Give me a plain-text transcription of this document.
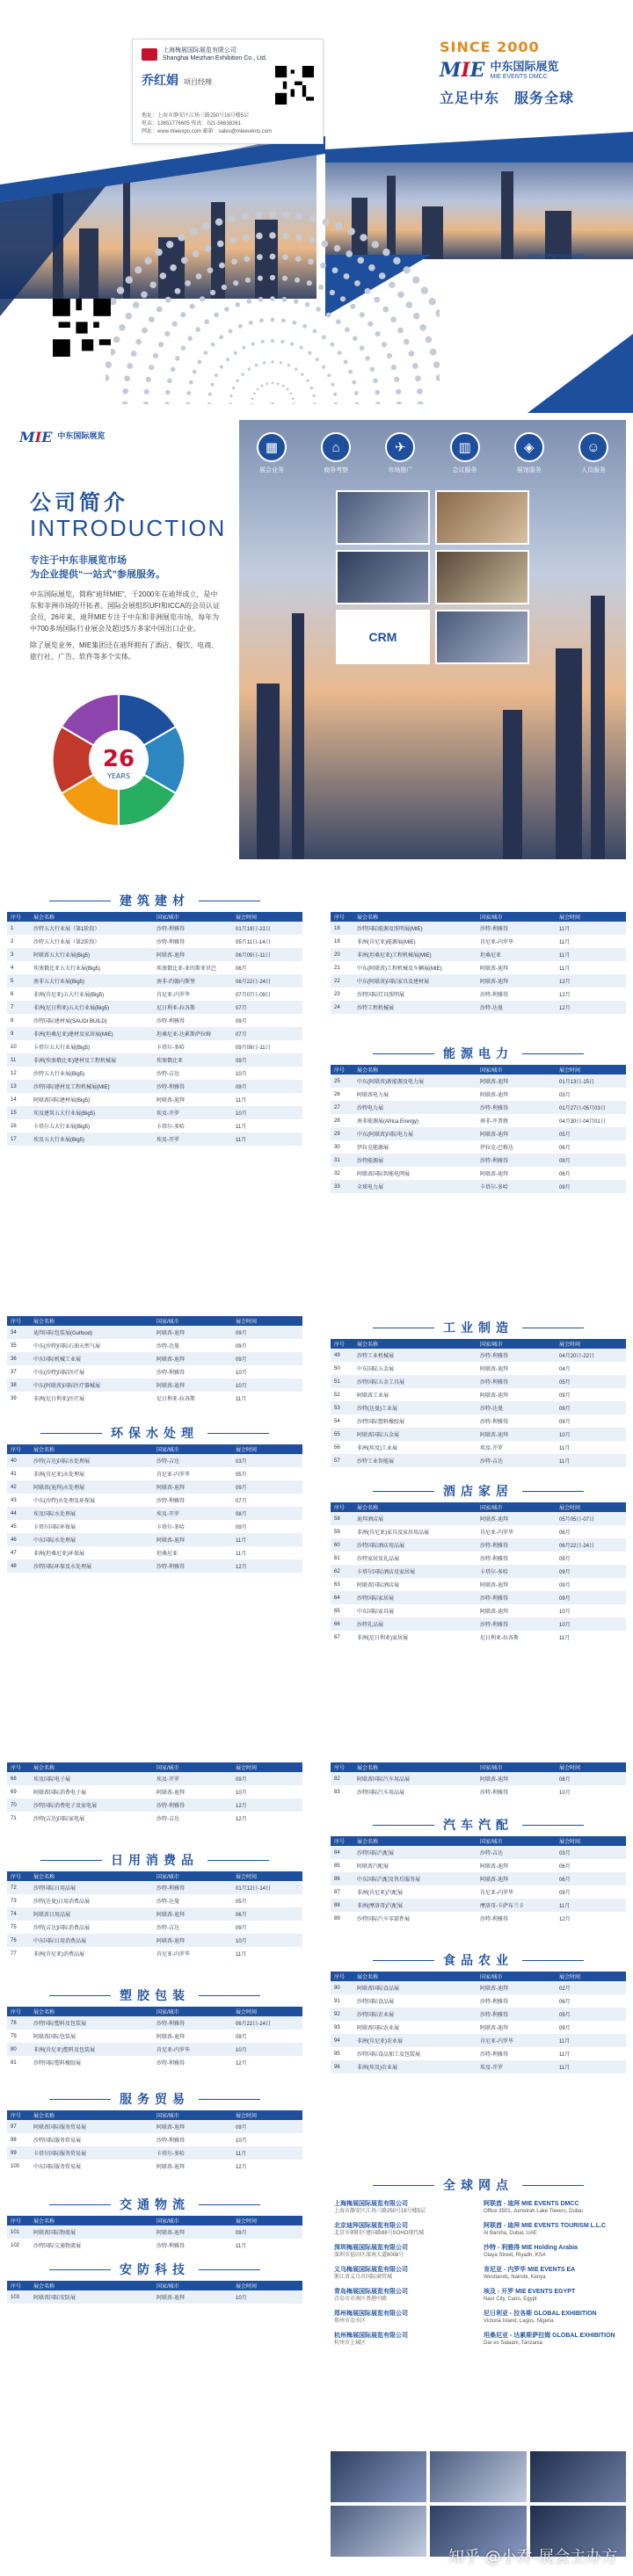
上海梅展国际展览有限公司
Shanghai Meizhan Exhibition Co., Ltd.
乔红娟 项目经理
地址：上海市静安区江场三路250号16号楼5层
电话：13651776605 传真：021-56638261
网址：www.mieexpo.com 邮箱：sales@mieevents.com
SINCE 2000
MIE 中东国际展览
MIE EVENTS DMCC
立足中东　服务全球
EVENTS CALENDAR
www.miegroups.com
MIE 中东国际展览
公司简介
INTRODUCTION
专注于中东非展览市场
为企业提供“一站式”参展服务。

中东国际展览，简称“迪拜MIE”，于2000年在迪拜成立，是中东和非洲市场的开拓者。国际会展组织UFI和ICCA的会员认证会员，26年来，迪拜MIE专注于中东和非洲展览市场，每年为中700多场国际行业展会及超过5万多家中国出口企业。

除了展览业务，MIE集团还在迪拜拥有了酒店、餐饮、电商、旅行社、广告、软件等多个实体。

26
YEARS
▦
展会业务
⌂
商务考察
✈
市场推广
▥
会议服务
◈
展馆服务
☺
人员服务
CRM
建筑建材
序号	展会名称	国家/城市	展会时间
1	沙特五大行业展（第1阶段）	沙特-利雅得	01月19日-21日
2	沙特五大行业展（第2阶段）	沙特-利雅得	05月11日-14日
3	阿联酋五大行业展(Big5)	阿联酋-迪拜	06月09日-11日
4	埃塞俄比亚五大行业展(Big5)	埃塞俄比亚-亚的斯亚贝巴	06月
5	南非五大行业展(Big5)	南非-约翰内斯堡	06月22日-24日
6	非洲(肯尼亚)五大行业展(Big5)	肯尼亚-内罗毕	07月07日-09日
7	非洲(尼日利亚)五大行业展(Big5)	尼日利亚-拉各斯	07月
8	沙特国际建材展(SAUDI BUILD)	沙特-利雅得	09月
9	非洲(坦桑尼亚)建材及家居展(MIE)	坦桑尼亚-达累斯萨拉姆	07月
10	卡塔尔五大行业展(Big5)	卡塔尔-多哈	09月09日-11日
11	非洲(埃塞俄比亚)建材及工程机械展	埃塞俄比亚	09月
12	沙特五大行业展(Big5)	沙特-吉达	10月
13	沙特国际建材及工程机械展(MIE)	沙特-利雅得	09月
14	阿联酋国际建材展(Big5)	阿联酋-迪拜	11月
15	埃及建筑五大行业展(Big5)	埃及-开罗	10月
16	卡塔尔五大行业展(Big5)	卡塔尔-多哈	11月
17	埃及五大行业展(Big5)	埃及-开罗	11月
序号	展会名称	国家/城市	展会时间
18	沙特国际能源及照明展(MIE)	沙特-利雅得	11月
19	非洲(肯尼亚)能源展(MIE)	肯尼亚-内罗毕	11月
20	非洲(坦桑尼亚)工程机械展(MIE)	坦桑尼亚	11月
21	中东(阿联酋)工程机械及车辆展(MIE)	阿联酋-迪拜	11月
22	中东(阿联酋)国际家具及建材展	阿联酋-迪拜	12月
23	沙特国际灯具照明展	沙特-利雅得	12月
24	沙特工程机械展	沙特-达曼	12月
能源电力
序号	展会名称	国家/城市	展会时间
25	中东(阿联酋)新能源及电力展	阿联酋-迪拜	01月13日-15日
26	阿联酋电力展	阿联酋-迪拜	03月
27	沙特电力展	沙特-利雅得	01月27日-05月03日
28	南非能源展(Africa Energy)	南非-开普敦	04月30日-04月01日
29	中东(阿联酋)国际电力展	阿联酋-迪拜	05月
30	伊拉克能源展	伊拉克-巴格达	06月
31	沙特能源展	沙特-利雅得	09月
32	阿联酋国际智能电网展	阿联酋-迪拜	06月
33	全球电力展	卡塔尔-多哈	09月
序号	展会名称	国家/城市	展会时间
34	迪拜国际包装展(Gulfood)	阿联酋-迪拜	09月
35	中东(沙特)国际石油天然气展	沙特-达曼	09月
36	中东国际机械工业展	阿联酋-迪拜	09月
37	中东(沙特)国际医疗展	沙特-利雅得	10月
38	中东(阿联酋)国际医疗器械展	阿联酋-迪拜	10月
39	非洲(尼日利亚)医疗展	尼日利亚-拉各斯	11月
环保水处理
序号	展会名称	国家/城市	展会时间
40	沙特(吉达)国际水处理展	沙特-吉达	03月
41	非洲(肯尼亚)水处理展	肯尼亚-内罗毕	05月
42	阿联酋(迪拜)水处理展	阿联酋-迪拜	09月
43	中东(沙特)水处理及环保展	沙特-利雅得	07月
44	埃及国际水处理展	埃及-开罗	08月
45	卡塔尔国际环保展	卡塔尔-多哈	09月
46	中东国际水处理展	阿联酋-迪拜	11月
47	非洲(坦桑尼亚)环保展	坦桑尼亚	11月
48	沙特国际环保及水处理展	沙特-利雅得	12月
工业制造
序号	展会名称	国家/城市	展会时间
49	沙特工业机械展	沙特-利雅得	04月20日-22日
50	中东国际五金展	阿联酋-迪拜	04月
51	沙特国际五金工具展	沙特-利雅得	05月
52	阿联酋工业展	阿联酋-迪拜	09月
53	沙特(达曼)工业展	沙特-达曼	09月
54	沙特国际塑料橡胶展	沙特-利雅得	09月
55	阿联酋国际五金展	阿联酋-迪拜	10月
56	非洲(埃及)工业展	埃及-开罗	11月
57	沙特工业智能展	沙特-吉达	11月
酒店家居
序号	展会名称	国家/城市	展会时间
58	迪拜酒店展	阿联酋-迪拜	05月05日-07日
59	非洲(肯尼亚)家具及家居用品展	肯尼亚-内罗毕	06月
60	沙特国际酒店用品展	沙特-利雅得	06月22日-24日
61	沙特家居及礼品展	沙特-利雅得	09月
62	卡塔尔国际酒店及家居展	卡塔尔-多哈	09月
63	阿联酋国际酒店展	阿联酋-迪拜	09月
64	沙特国际家居展	沙特-利雅得	09月
65	中东国际家具展	阿联酋-迪拜	10月
66	沙特礼品展	沙特-利雅得	10月
67	非洲(尼日利亚)家居展	尼日利亚-拉各斯	11月
序号	展会名称	国家/城市	展会时间
68	埃及国际电子展	埃及-开罗	09月
69	阿联酋国际消费电子展	阿联酋-迪拜	10月
70	沙特国际消费电子及家电展	沙特-利雅得	12月
71	沙特(吉达)国际家电展	沙特-吉达	12月
日用消费品
序号	展会名称	国家/城市	展会时间
72	沙特国际日用品展	沙特-利雅得	01月12日-14日
73	沙特(达曼)日用消费品展	沙特-达曼	05月
74	阿联酋日用品展	阿联酋-迪拜	06月
75	沙特(吉达)国际消费品展	沙特-吉达	09月
76	中东国际日用消费品展	阿联酋-迪拜	10月
77	非洲(肯尼亚)消费品展	肯尼亚-内罗毕	11月
塑胶包装
序号	展会名称	国家/城市	展会时间
78	沙特国际塑料及包装展	沙特-利雅得	06月22日-24日
79	阿联酋国际包装展	阿联酋-迪拜	09月
80	非洲(肯尼亚)塑料及包装展	肯尼亚-内罗毕	10月
81	沙特国际塑料橡胶展	沙特-利雅得	12月
序号	展会名称	国家/城市	展会时间
82	阿联酋国际汽车用品展	阿联酋-迪拜	08月
83	沙特国际汽车用品展	沙特-利雅得	10月
汽车汽配
序号	展会名称	国家/城市	展会时间
84	沙特国际汽配展	沙特-吉达	03月
85	阿联酋汽配展	阿联酋-迪拜	06月
86	中东国际汽配及售后服务展	阿联酋-迪拜	06月
87	非洲(肯尼亚)汽配展	肯尼亚-内罗毕	09月
88	非洲(摩洛哥)汽配展	摩洛哥-卡萨布兰卡	11月
89	沙特国际汽车零部件展	沙特-利雅得	12月
食品农业
序号	展会名称	国家/城市	展会时间
90	阿联酋国际食品展	阿联酋-迪拜	02月
91	沙特国际食品展	沙特-利雅得	06月
92	沙特国际农业展	沙特-利雅得	09月
93	阿联酋国际农业展	阿联酋-迪拜	09月
94	非洲(肯尼亚)农业展	肯尼亚-内罗毕	11月
95	沙特国际食品加工及包装展	沙特-利雅得	11月
96	非洲(埃及)农业展	埃及-开罗	11月
服务贸易
序号	展会名称	国家/城市	展会时间
97	阿联酋国际服务贸易展	阿联酋-迪拜	09月
98	沙特国际服务贸易展	沙特-利雅得	10月
99	卡塔尔国际服务贸易展	卡塔尔-多哈	11月
100	中东国际服务贸易展	阿联酋-迪拜	12月
交通物流
序号	展会名称	国家/城市	展会时间
101	阿联酋国际物流展	阿联酋-迪拜	09月
102	沙特国际交通物流展	沙特-利雅得	11月
安防科技
序号	展会名称	国家/城市	展会时间
103	阿联酋国际安防展	阿联酋-迪拜	10月
全球网点
上海梅展国际展览有限公司
上海市静安区江场三路250号16号楼5层
北京迪拜国际展览有限公司
北京市朝阳区建国路88号SOHO现代城
深圳梅展国际展览有限公司
深圳市福田区深南大道6008号
义乌梅展国际展览有限公司
浙江省义乌市国际商贸城
青岛梅展国际展览有限公司
青岛市市南区香港中路
郑州梅展国际展览有限公司
郑州市金水区
杭州梅展国际展览有限公司
杭州市上城区
阿联酋 - 迪拜 MIE EVENTS DMCC
Office 3501, Jumeirah Lake Towers, Dubai
阿联酋 - 迪拜 MIE EVENTS TOURISM L.L.C
Al Barsha, Dubai, UAE
沙特 - 利雅得 MIE Holding Arabia
Olaya Street, Riyadh, KSA
肯尼亚 - 内罗毕 MIE EVENTS EA
Westlands, Nairobi, Kenya
埃及 - 开罗 MIE EVENTS EGYPT
Nasr City, Cairo, Egypt
尼日利亚 - 拉各斯 GLOBAL EXHIBITION
Victoria Island, Lagos, Nigeria
坦桑尼亚 - 达累斯萨拉姆 GLOBAL EXHIBITION
Dar es Salaam, Tanzania
知乎 @小乔-展会主办方
